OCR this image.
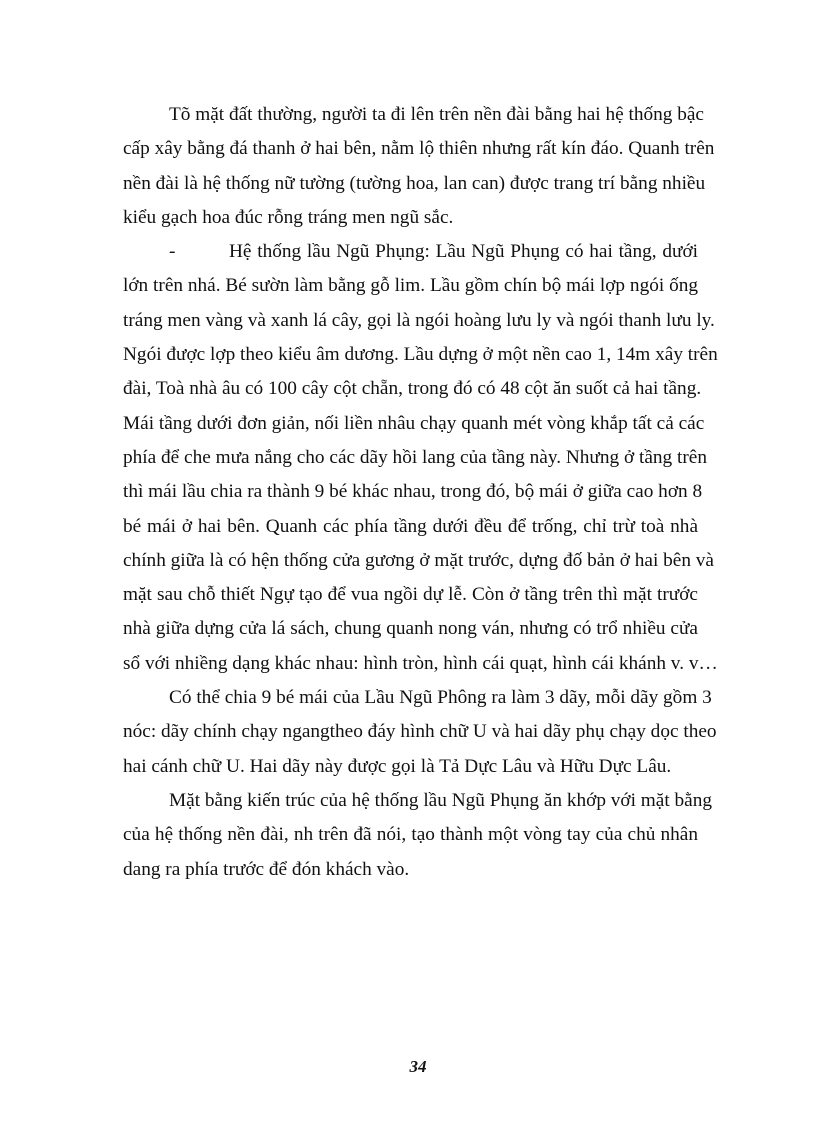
Tõ mặt đất thường, người ta đi lên trên nền đài bằng hai hệ thống bậc
cấp xây bằng đá thanh ở hai bên, nằm lộ thiên nhưng rất kín đáo. Quanh trên
nền đài là hệ thống nữ tường (tường hoa, lan can) được trang trí bằng nhiều
kiểu gạch hoa đúc rỗng tráng men ngũ sắc.
-	Hệ thống lầu Ngũ Phụng: Lầu Ngũ Phụng có hai tầng, dưới
lớn trên nhá. Bé sườn làm bằng gỗ lim. Lầu gồm chín bộ mái lợp ngói ống
tráng men vàng và xanh lá cây, gọi là ngói hoàng lưu ly và ngói thanh lưu ly.
Ngói được lợp theo kiểu âm dương. Lầu dựng ở một nền cao 1, 14m xây trên
đài, Toà nhà âu có 100 cây cột chẵn, trong đó có 48 cột ăn suốt cả hai tầng.
Mái tầng dưới đơn giản, nối liền nhâu chạy quanh mét vòng khắp tất cả các
phía để che mưa nắng cho các dãy hồi lang của tầng này. Nhưng ở tầng trên
thì mái lầu chia ra thành 9 bé khác nhau, trong đó, bộ mái ở giữa cao hơn 8
bé mái ở hai bên. Quanh các phía tầng dưới đều để trống, chỉ trừ toà nhà
chính giữa là có hện thống cửa gương ở mặt trước, dựng đố bản ở hai bên và
mặt sau chỗ thiết Ngự tạo để vua ngồi dự lễ. Còn ở tầng trên thì mặt trước
nhà giữa dựng cửa lá sách, chung quanh nong ván, nhưng có trổ nhiều cửa
sổ với nhiềng dạng khác nhau: hình tròn, hình cái quạt, hình cái khánh v. v…
Có thể chia 9 bé mái của Lầu Ngũ Phông ra làm 3 dãy, mỗi dãy gồm 3
nóc: dãy chính chạy ngangtheo đáy hình chữ U và hai dãy phụ chạy dọc theo
hai cánh chữ U. Hai dãy này được gọi là Tả Dực Lâu và Hữu Dực Lâu.
Mặt bằng kiến trúc của hệ thống lầu Ngũ Phụng ăn khớp với mặt bằng
của hệ thống nền đài, nh trên đã nói, tạo thành một vòng tay của chủ nhân
dang ra phía trước để đón khách vào.
34
